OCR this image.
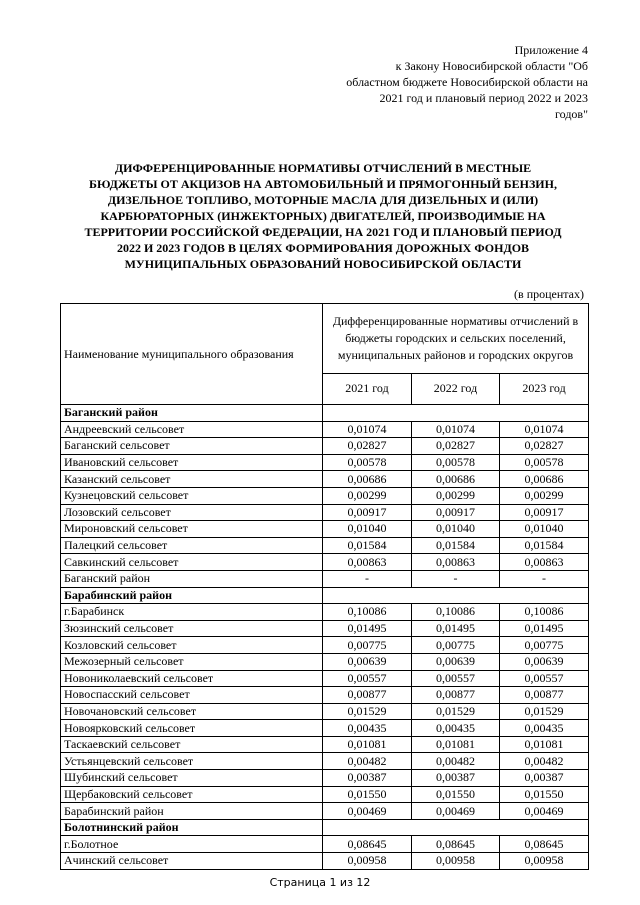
Приложение 4
к Закону Новосибирской области "Об
областном бюджете Новосибирской области на
2021 год и плановый период 2022 и 2023
годов"
ДИФФЕРЕНЦИРОВАННЫЕ НОРМАТИВЫ ОТЧИСЛЕНИЙ В МЕСТНЫЕ
БЮДЖЕТЫ ОТ АКЦИЗОВ НА АВТОМОБИЛЬНЫЙ И ПРЯМОГОННЫЙ БЕНЗИН,
ДИЗЕЛЬНОЕ ТОПЛИВО, МОТОРНЫЕ МАСЛА ДЛЯ ДИЗЕЛЬНЫХ И (ИЛИ)
КАРБЮРАТОРНЫХ (ИНЖЕКТОРНЫХ) ДВИГАТЕЛЕЙ, ПРОИЗВОДИМЫЕ НА
ТЕРРИТОРИИ РОССИЙСКОЙ ФЕДЕРАЦИИ, НА 2021 ГОД И ПЛАНОВЫЙ ПЕРИОД
2022 И 2023 ГОДОВ В ЦЕЛЯХ ФОРМИРОВАНИЯ ДОРОЖНЫХ ФОНДОВ
МУНИЦИПАЛЬНЫХ ОБРАЗОВАНИЙ НОВОСИБИРСКОЙ ОБЛАСТИ
(в процентах)
Наименование муниципального образования	Дифференцированные нормативы отчислений в бюджеты городских и сельских поселений, муниципальных районов и городских округов		
	2021 год	2022 год	2023 год
Баганский район			
Андреевский сельсовет	0,01074	0,01074	0,01074
Баганский сельсовет	0,02827	0,02827	0,02827
Ивановский сельсовет	0,00578	0,00578	0,00578
Казанский сельсовет	0,00686	0,00686	0,00686
Кузнецовский сельсовет	0,00299	0,00299	0,00299
Лозовский сельсовет	0,00917	0,00917	0,00917
Мироновский сельсовет	0,01040	0,01040	0,01040
Палецкий сельсовет	0,01584	0,01584	0,01584
Савкинский сельсовет	0,00863	0,00863	0,00863
Баганский район	-	-	-
Барабинский район			
г.Барабинск	0,10086	0,10086	0,10086
Зюзинский сельсовет	0,01495	0,01495	0,01495
Козловский сельсовет	0,00775	0,00775	0,00775
Межозерный сельсовет	0,00639	0,00639	0,00639
Новониколаевский сельсовет	0,00557	0,00557	0,00557
Новоспасский сельсовет	0,00877	0,00877	0,00877
Новочановский сельсовет	0,01529	0,01529	0,01529
Новоярковский сельсовет	0,00435	0,00435	0,00435
Таскаевский сельсовет	0,01081	0,01081	0,01081
Устьянцевский сельсовет	0,00482	0,00482	0,00482
Шубинский сельсовет	0,00387	0,00387	0,00387
Щербаковский сельсовет	0,01550	0,01550	0,01550
Барабинский район	0,00469	0,00469	0,00469
Болотнинский район			
г.Болотное	0,08645	0,08645	0,08645
Ачинский сельсовет	0,00958	0,00958	0,00958
Страница 1 из 12
